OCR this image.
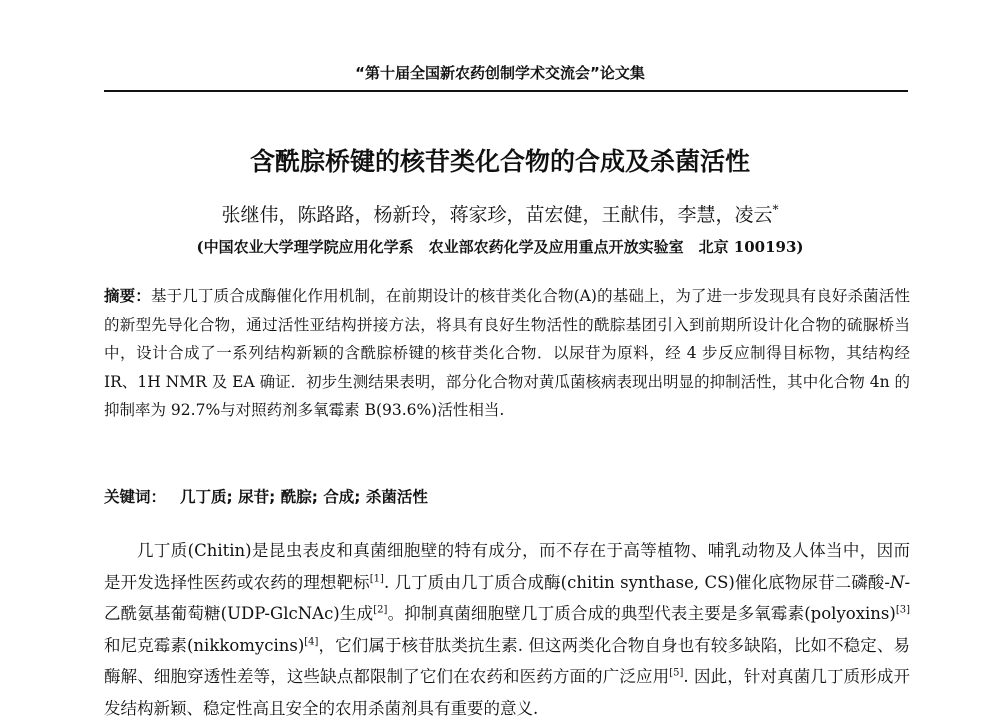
“第十届全国新农药创制学术交流会”论文集
含酰腙桥键的核苷类化合物的合成及杀菌活性
张继伟，陈路路，杨新玲，蒋家珍，苗宏健，王献伟，李慧，凌云*
(中国农业大学理学院应用化学系　农业部农药化学及应用重点开放实验室　北京 100193)
摘要：基于几丁质合成酶催化作用机制，在前期设计的核苷类化合物(A)的基础上，为了进一步发现具有良好杀菌活性的新型先导化合物，通过活性亚结构拼接方法，将具有良好生物活性的酰腙基团引入到前期所设计化合物的硫脲桥当中，设计合成了一系列结构新颖的含酰腙桥键的核苷类化合物．以尿苷为原料，经 4 步反应制得目标物，其结构经 IR、1H NMR 及 EA 确证．初步生测结果表明，部分化合物对黄瓜菌核病表现出明显的抑制活性，其中化合物 4n 的抑制率为 92.7%与对照药剂多氧霉素 B(93.6%)活性相当.
关键词： 几丁质; 尿苷; 酰腙; 合成; 杀菌活性
几丁质(Chitin)是昆虫表皮和真菌细胞壁的特有成分，而不存在于高等植物、哺乳动物及人体当中，因而是开发选择性医药或农药的理想靶标[1]. 几丁质由几丁质合成酶(chitin synthase, CS)催化底物尿苷二磷酸-N-乙酰氨基葡萄糖(UDP-GlcNAc)生成[2]。抑制真菌细胞壁几丁质合成的典型代表主要是多氧霉素(polyoxins)[3]和尼克霉素(nikkomycins)[4]，它们属于核苷肽类抗生素. 但这两类化合物自身也有较多缺陷，比如不稳定、易酶解、细胞穿透性差等，这些缺点都限制了它们在农药和医药方面的广泛应用[5]. 因此，针对真菌几丁质形成开发结构新颖、稳定性高且安全的农用杀菌剂具有重要的意义.
